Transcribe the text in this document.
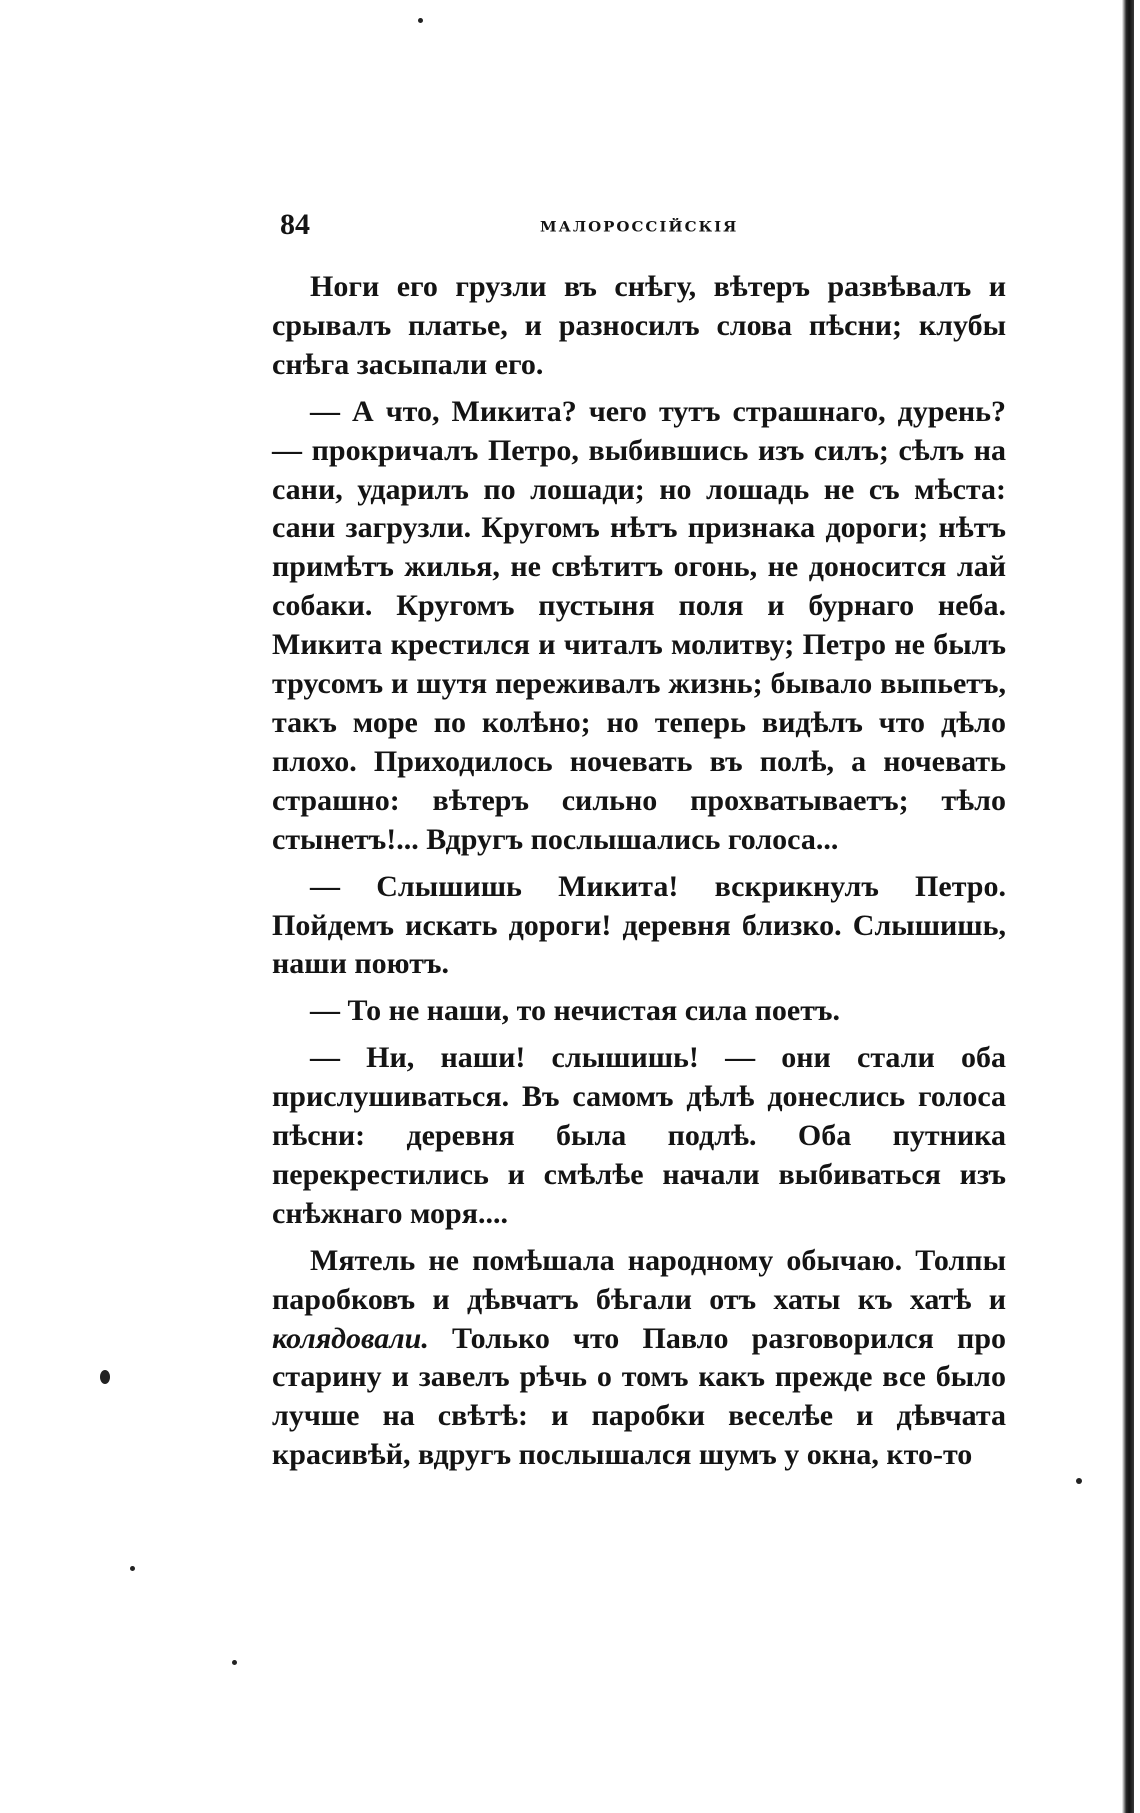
84	МАЛОРОССІЙСКІЯ

Ноги его грузли въ снѣгу, вѣтеръ развѣвалъ и срывалъ платье, и разносилъ слова пѣсни; клубы снѣга засыпали его.

— А что, Микита? чего тутъ страшнаго, дурень? — прокричалъ Петро, выбившись изъ силъ; сѣлъ на сани, ударилъ по лошади; но лошадь не съ мѣста: сани загрузли. Кругомъ нѣтъ признака дороги; нѣтъ примѣтъ жилья, не свѣтитъ огонь, не доносится лай собаки. Кругомъ пустыня поля и бурнаго неба. Микита крестился и читалъ молитву; Петро не былъ трусомъ и шутя переживалъ жизнь; бывало выпьетъ, такъ море по колѣно; но теперь видѣлъ что дѣло плохо. Приходилось ночевать въ полѣ, а ночевать страшно: вѣтеръ сильно прохватываетъ; тѣло стынетъ!... Вдругъ послышались голоса...

— Слышишь Микита! вскрикнулъ Петро. Пойдемъ искать дороги! деревня близко. Слышишь, наши поютъ.

— То не наши, то нечистая сила поетъ.

— Ни, наши! слышишь! — они стали оба прислушиваться. Въ самомъ дѣлѣ донеслись голоса пѣсни: деревня была подлѣ. Оба путника перекрестились и смѣлѣе начали выбиваться изъ снѣжнаго моря....

Мятель не помѣшала народному обычаю. Толпы паробковъ и дѣвчатъ бѣгали отъ хаты къ хатѣ и колядовали. Только что Павло разговорился про старину и завелъ рѣчь о томъ какъ прежде все было лучше на свѣтѣ: и паробки веселѣе и дѣвчата красивѣй, вдругъ послышался шумъ у окна, кто-то
